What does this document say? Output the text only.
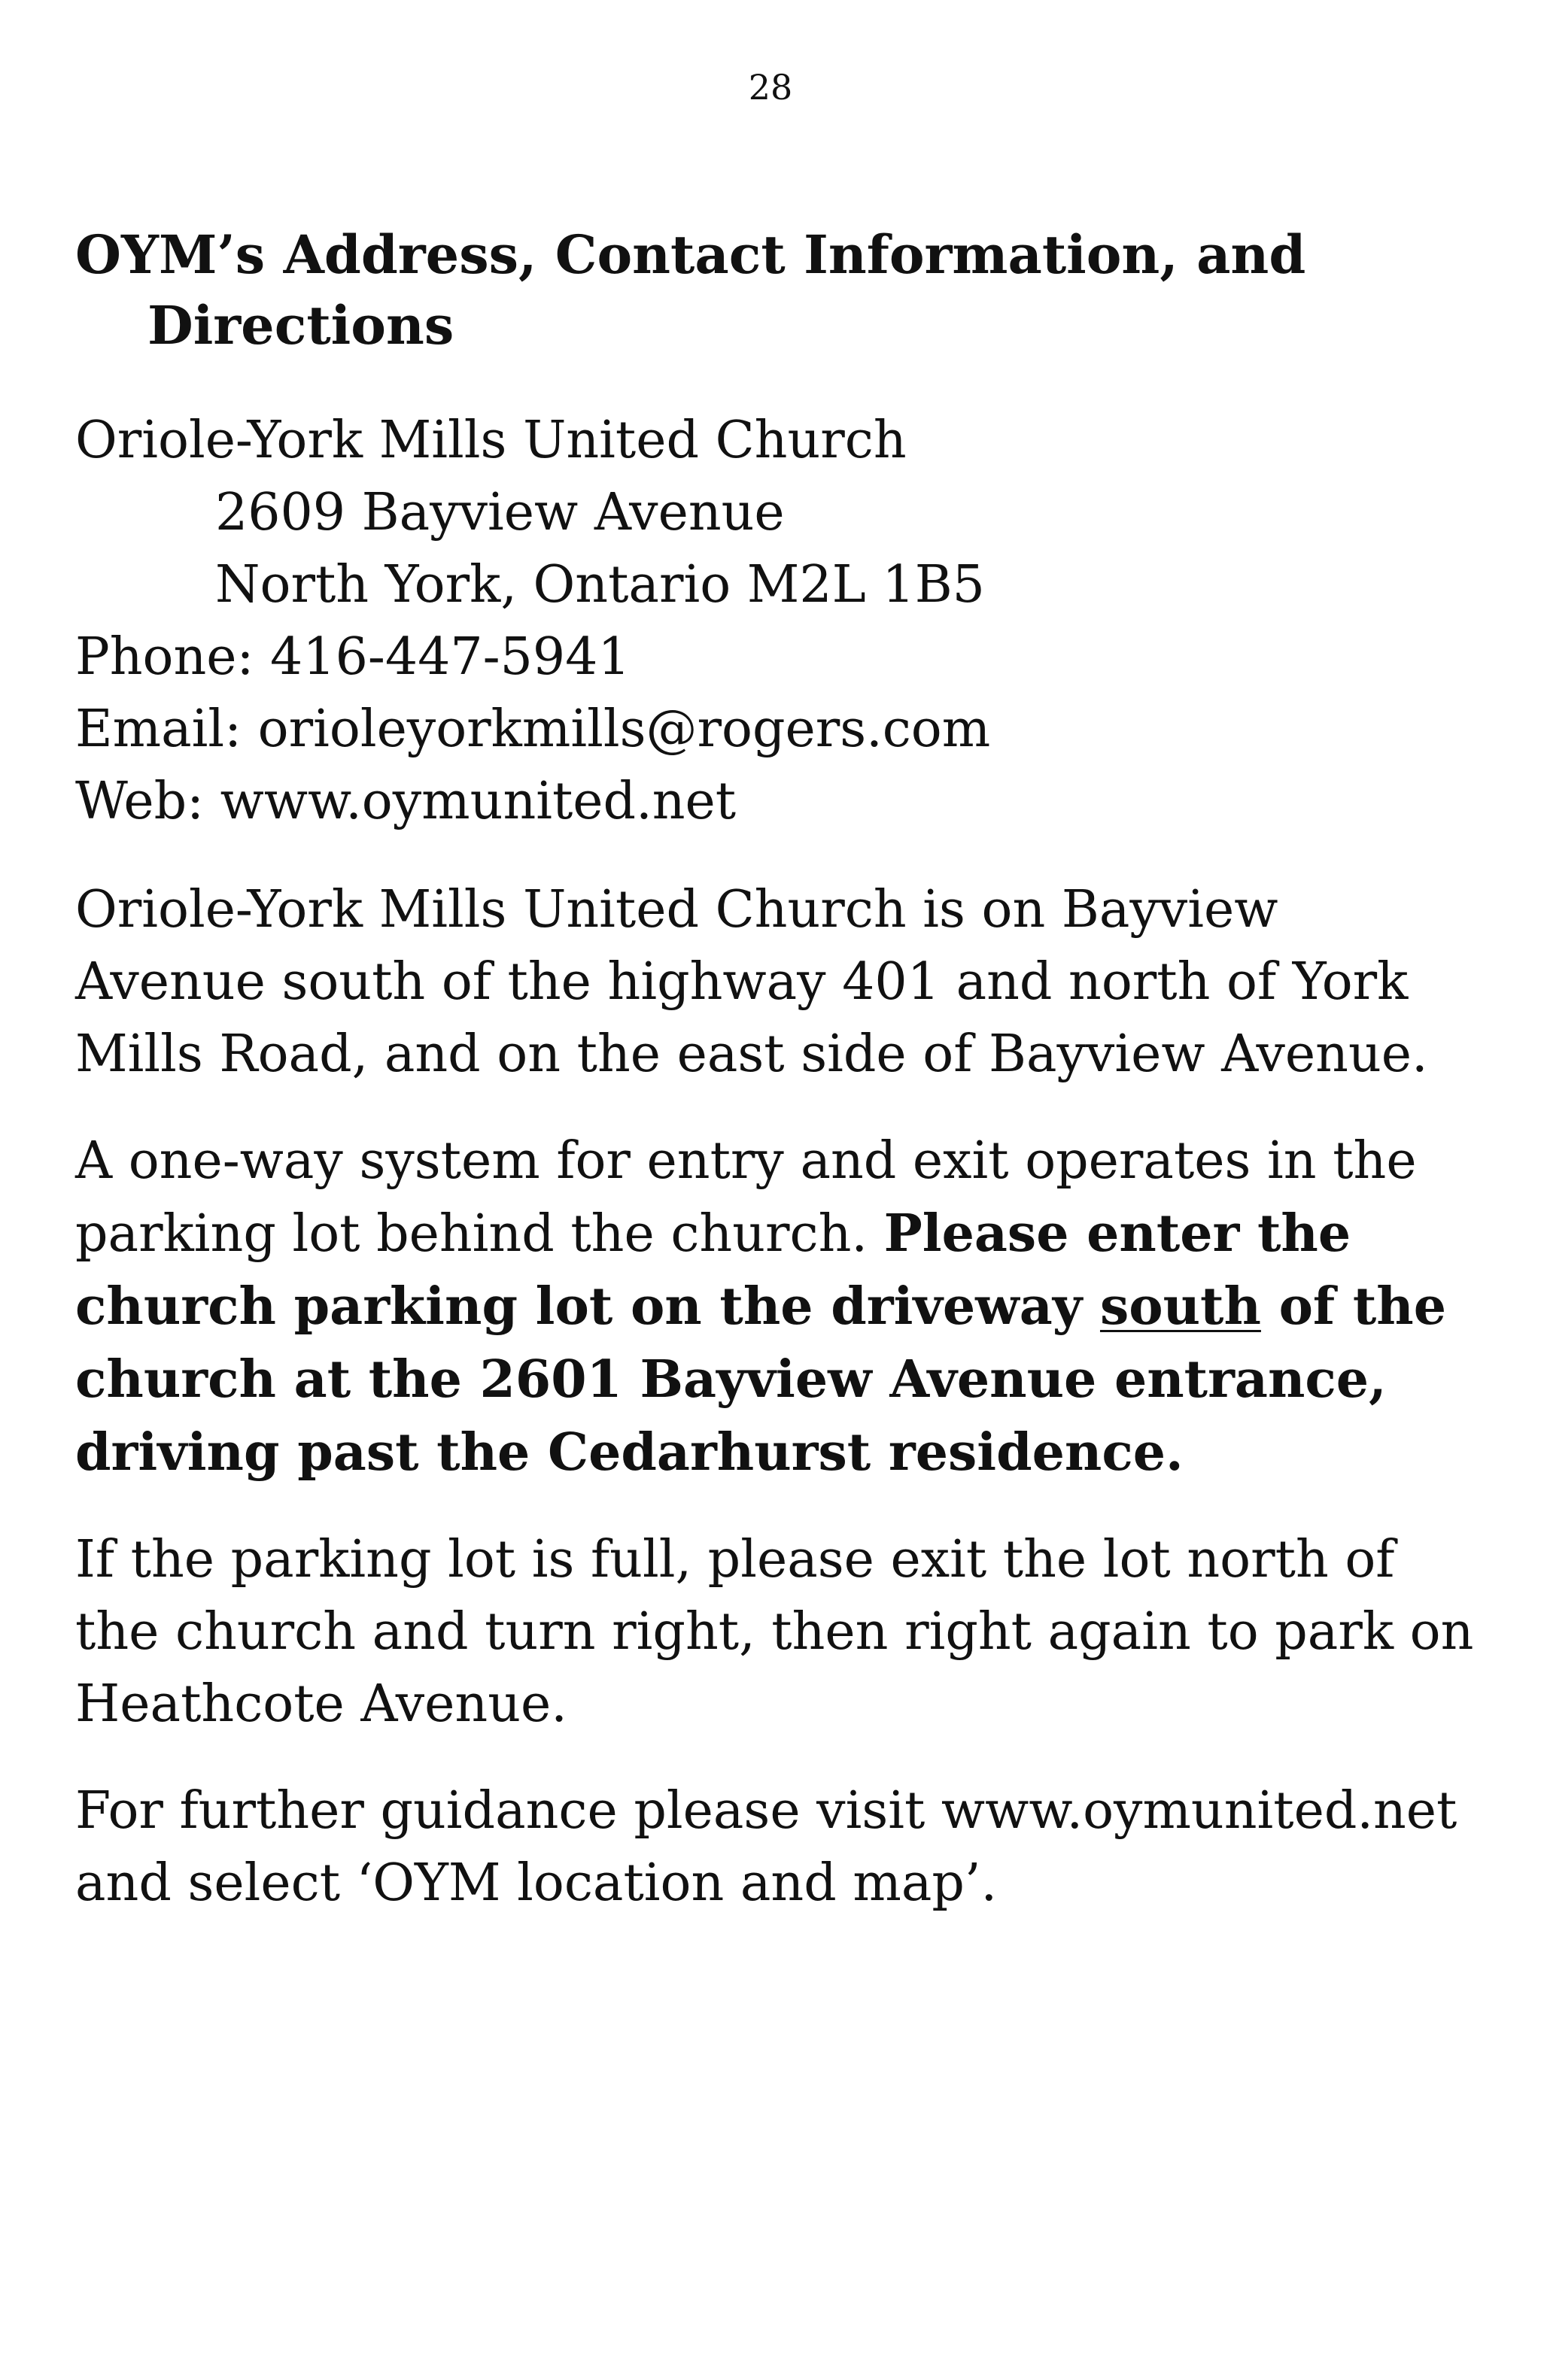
28
OYM’s Address, Contact Information, and Directions
Oriole-York Mills United Church
2609 Bayview Avenue
North York, Ontario M2L 1B5
Phone: 416-447-5941
Email: orioleyorkmills@rogers.com
Web: www.oymunited.net

Oriole-York Mills United Church is on Bayview Avenue south of the highway 401 and north of York Mills Road, and on the east side of Bayview Avenue.

A one-way system for entry and exit operates in the parking lot behind the church. Please enter the church parking lot on the driveway south of the church at the 2601 Bayview Avenue entrance, driving past the Cedarhurst residence.

If the parking lot is full, please exit the lot north of the church and turn right, then right again to park on Heathcote Avenue.

For further guidance please visit www.oymunited.net and select ‘OYM location and map’.
